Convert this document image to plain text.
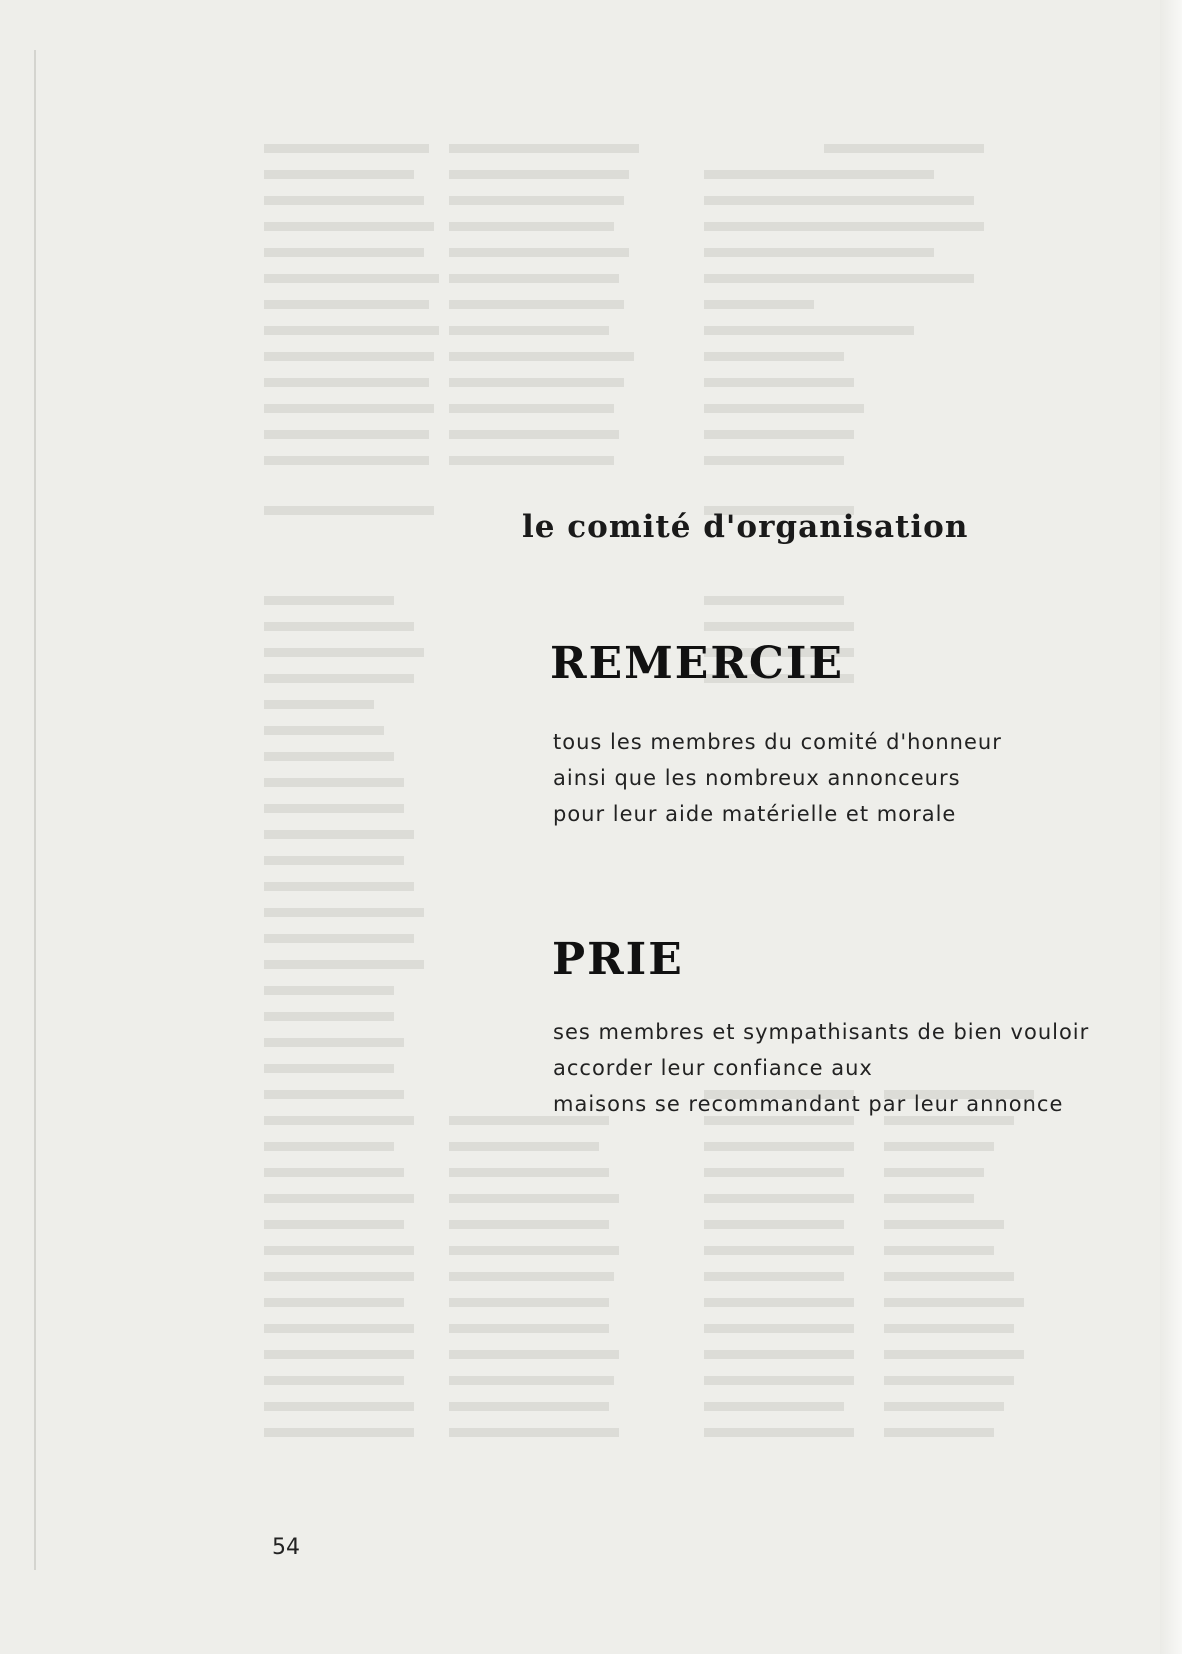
le comité d'organisation
REMERCIE
tous les membres du comité d'honneur
ainsi que les nombreux annonceurs
pour leur aide matérielle et morale
PRIE
ses membres et sympathisants de bien vouloir
accorder leur confiance aux
maisons se recommandant par leur annonce
54
